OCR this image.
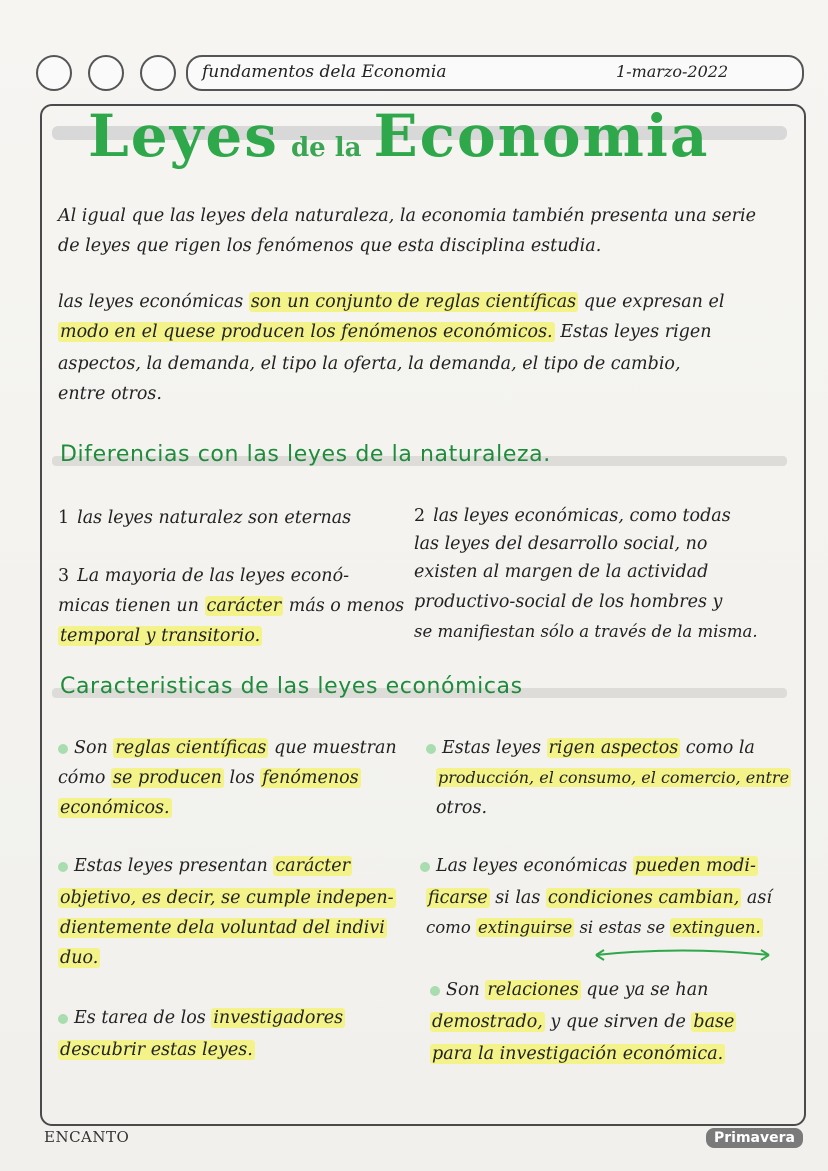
fundamentos dela Economia	1-marzo-2022
Leyes de la Economia
Al igual que las leyes dela naturaleza, la economia también presenta una serie
de leyes que rigen los fenómenos que esta disciplina estudia.
las leyes económicas son un conjunto de reglas científicas que expresan el
modo en el quese producen los fenómenos económicos. Estas leyes rigen
aspectos, la demanda, el tipo la oferta, la demanda, el tipo de cambio,
entre otros.
Diferencias con las leyes de la naturaleza.
1 las leyes naturalez son eternas
3 La mayoria de las leyes econó-
micas tienen un carácter más o menos
temporal y transitorio.
2 las leyes económicas, como todas
las leyes del desarrollo social, no
existen al margen de la actividad
productivo-social de los hombres y
se manifiestan sólo a través de la misma.
Caracteristicas de las leyes económicas
Son reglas científicas que muestran
cómo se producen los fenómenos
económicos.
Estas leyes rigen aspectos como la
producción, el consumo, el comercio, entre
otros.
Estas leyes presentan carácter
objetivo, es decir, se cumple indepen-
dientemente dela voluntad del indivi
duo.
Las leyes económicas pueden modi-
ficarse si las condiciones cambian, así
como extinguirse si estas se extinguen.
Es tarea de los investigadores
descubrir estas leyes.
Son relaciones que ya se han
demostrado, y que sirven de base
para la investigación económica.
ENCANTO	Primavera
